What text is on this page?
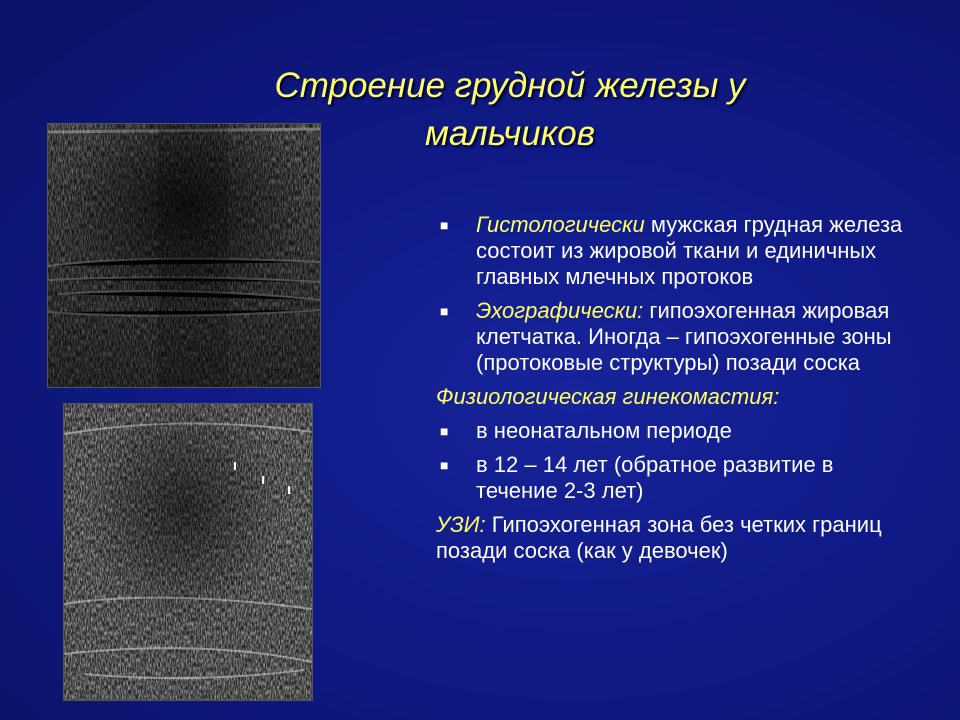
Строение грудной железы у
мальчиков
■ Гистологически мужская грудная железа состоит из жировой ткани и единичных главных млечных протоков
■ Эхографически: гипоэхогенная жировая клетчатка. Иногда – гипоэхогенные зоны (протоковые структуры) позади соска
Физиологическая гинекомастия:
■ в неонатальном периоде
■ в 12 – 14 лет (обратное развитие в течение 2-3 лет)
УЗИ: Гипоэхогенная зона без четких границ позади соска (как у девочек)
